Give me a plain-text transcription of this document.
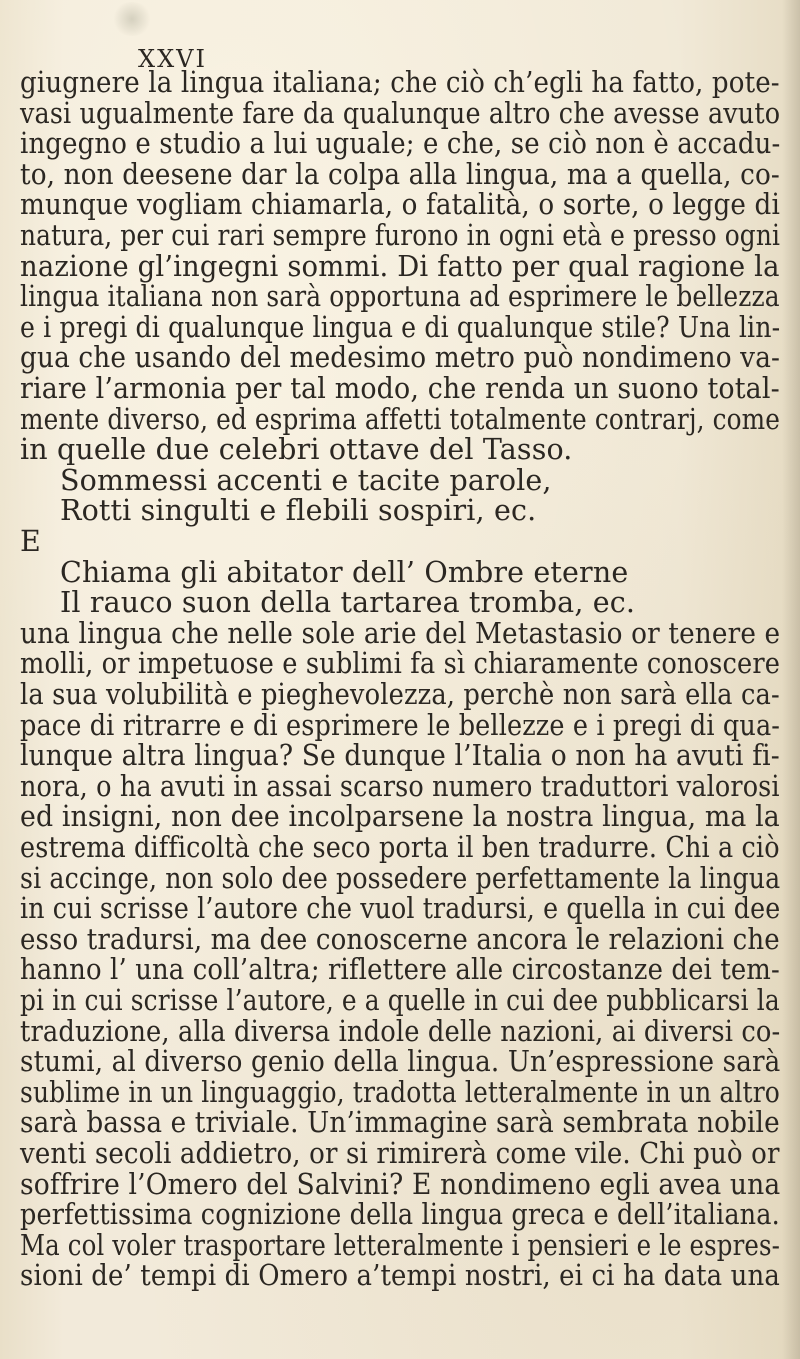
XXVI
giugnere la lingua italiana; che ciò ch’egli ha fatto, pote-
vasi ugualmente fare da qualunque altro che avesse avuto
ingegno e studio a lui uguale; e che, se ciò non è accadu-
to, non deesene dar la colpa alla lingua, ma a quella, co-
munque vogliam chiamarla, o fatalità, o sorte, o legge di
natura, per cui rari sempre furono in ogni età e presso ogni
nazione gl’ingegni sommi. Di fatto per qual ragione la
lingua italiana non sarà opportuna ad esprimere le bellezza
e i pregi di qualunque lingua e di qualunque stile? Una lin-
gua che usando del medesimo metro può nondimeno va-
riare l’armonia per tal modo, che renda un suono total-
mente diverso, ed esprima affetti totalmente contrarj, come
in quelle due celebri ottave del Tasso.
Sommessi accenti e tacite parole,
Rotti singulti e flebili sospiri, ec.
E
Chiama gli abitator dell’ Ombre eterne
Il rauco suon della tartarea tromba, ec.
una lingua che nelle sole arie del Metastasio or tenere e
molli, or impetuose e sublimi fa sì chiaramente conoscere
la sua volubilità e pieghevolezza, perchè non sarà ella ca-
pace di ritrarre e di esprimere le bellezze e i pregi di qua-
lunque altra lingua? Se dunque l’Italia o non ha avuti fi-
nora, o ha avuti in assai scarso numero traduttori valorosi
ed insigni, non dee incolparsene la nostra lingua, ma la
estrema difficoltà che seco porta il ben tradurre. Chi a ciò
si accinge, non solo dee possedere perfettamente la lingua
in cui scrisse l’autore che vuol tradursi, e quella in cui dee
esso tradursi, ma dee conoscerne ancora le relazioni che
hanno l’ una coll’altra; riflettere alle circostanze dei tem-
pi in cui scrisse l’autore, e a quelle in cui dee pubblicarsi la
traduzione, alla diversa indole delle nazioni, ai diversi co-
stumi, al diverso genio della lingua. Un’espressione sarà
sublime in un linguaggio, tradotta letteralmente in un altro
sarà bassa e triviale. Un’immagine sarà sembrata nobile
venti secoli addietro, or si rimirerà come vile. Chi può or
soffrire l’Omero del Salvini? E nondimeno egli avea una
perfettissima cognizione della lingua greca e dell’italiana.
Ma col voler trasportare letteralmente i pensieri e le espres-
sioni de’ tempi di Omero a’tempi nostri, ei ci ha data una
